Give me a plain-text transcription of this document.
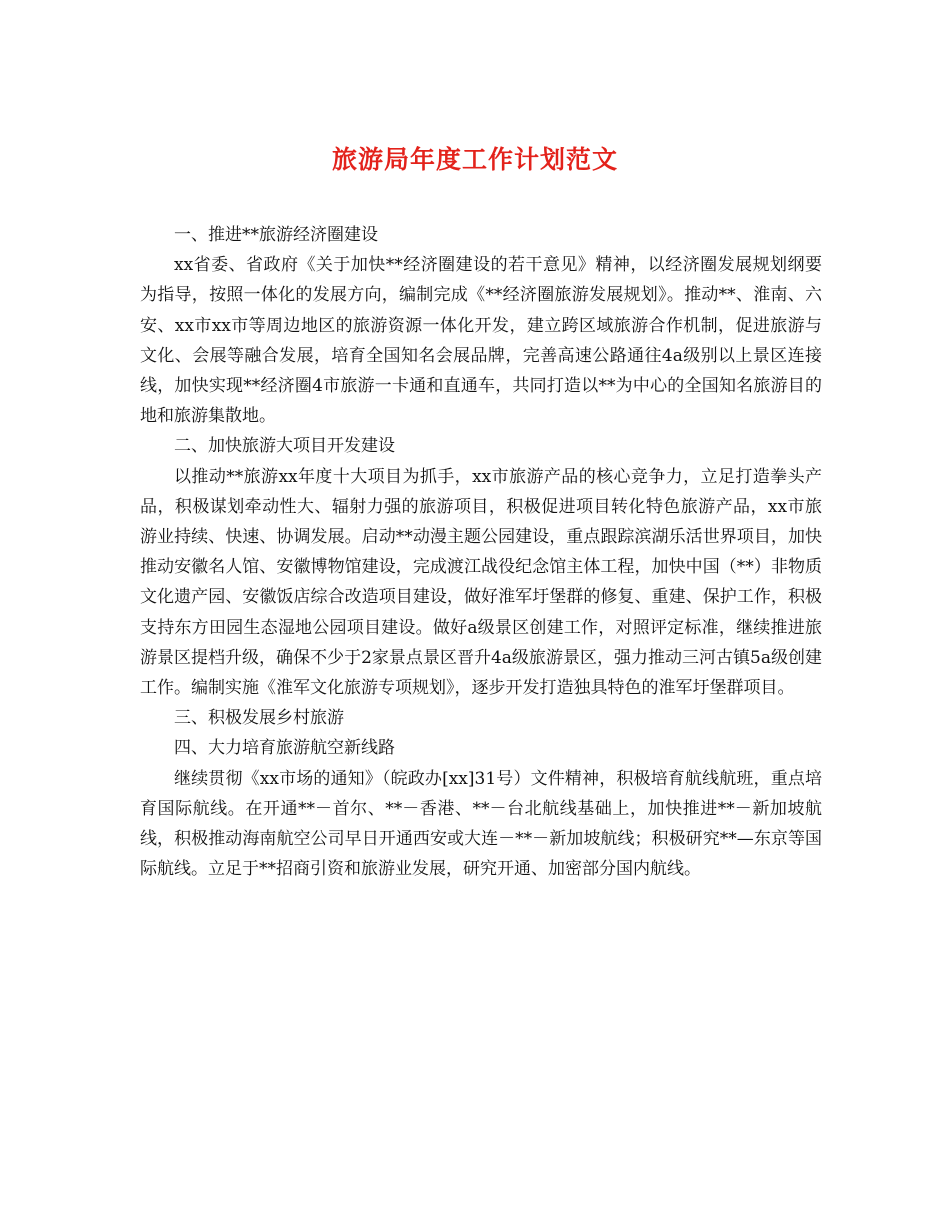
旅游局年度工作计划范文

一、推进**旅游经济圈建设

xx省委、省政府《关于加快**经济圈建设的若干意见》精神，以经济圈发展规划纲要为指导，按照一体化的发展方向，编制完成《**经济圈旅游发展规划》。推动**、淮南、六安、xx市xx市等周边地区的旅游资源一体化开发，建立跨区域旅游合作机制，促进旅游与文化、会展等融合发展，培育全国知名会展品牌，完善高速公路通往4a级别以上景区连接线，加快实现**经济圈4市旅游一卡通和直通车，共同打造以**为中心的全国知名旅游目的地和旅游集散地。

二、加快旅游大项目开发建设

以推动**旅游xx年度十大项目为抓手，xx市旅游产品的核心竞争力，立足打造拳头产品，积极谋划牵动性大、辐射力强的旅游项目，积极促进项目转化特色旅游产品，xx市旅游业持续、快速、协调发展。启动**动漫主题公园建设，重点跟踪滨湖乐活世界项目，加快推动安徽名人馆、安徽博物馆建设，完成渡江战役纪念馆主体工程，加快中国（**）非物质文化遗产园、安徽饭店综合改造项目建设，做好淮军圩堡群的修复、重建、保护工作，积极支持东方田园生态湿地公园项目建设。做好a级景区创建工作，对照评定标准，继续推进旅游景区提档升级，确保不少于2家景点景区晋升4a级旅游景区，强力推动三河古镇5a级创建工作。编制实施《淮军文化旅游专项规划》，逐步开发打造独具特色的淮军圩堡群项目。

三、积极发展乡村旅游

四、大力培育旅游航空新线路

继续贯彻《xx市场的通知》（皖政办[xx]31号）文件精神，积极培育航线航班，重点培育国际航线。在开通**－首尔、**－香港、**－台北航线基础上，加快推进**－新加坡航线，积极推动海南航空公司早日开通西安或大连－**－新加坡航线；积极研究**—东京等国际航线。立足于**招商引资和旅游业发展，研究开通、加密部分国内航线。
